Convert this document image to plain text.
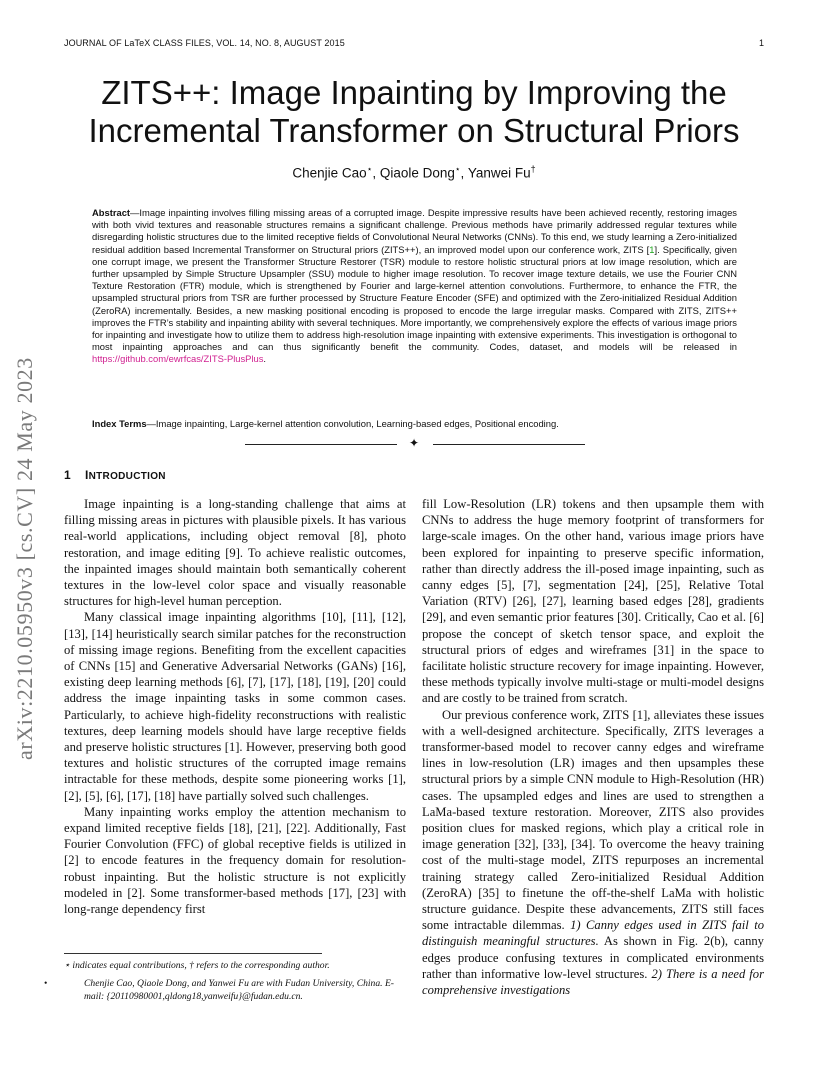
JOURNAL OF LaTeX CLASS FILES, VOL. 14, NO. 8, AUGUST 2015	1
ZITS++: Image Inpainting by Improving the
Incremental Transformer on Structural Priors
Chenjie Cao⋆, Qiaole Dong⋆, Yanwei Fu†
Abstract—Image inpainting involves filling missing areas of a corrupted image. Despite impressive results have been achieved recently, restoring images with both vivid textures and reasonable structures remains a significant challenge. Previous methods have primarily addressed regular textures while disregarding holistic structures due to the limited receptive fields of Convolutional Neural Networks (CNNs). To this end, we study learning a Zero-initialized residual addition based Incremental Transformer on Structural priors (ZITS++), an improved model upon our conference work, ZITS [1]. Specifically, given one corrupt image, we present the Transformer Structure Restorer (TSR) module to restore holistic structural priors at low image resolution, which are further upsampled by Simple Structure Upsampler (SSU) module to higher image resolution. To recover image texture details, we use the Fourier CNN Texture Restoration (FTR) module, which is strengthened by Fourier and large-kernel attention convolutions. Furthermore, to enhance the FTR, the upsampled structural priors from TSR are further processed by Structure Feature Encoder (SFE) and optimized with the Zero-initialized Residual Addition (ZeroRA) incrementally. Besides, a new masking positional encoding is proposed to encode the large irregular masks. Compared with ZITS, ZITS++ improves the FTR’s stability and inpainting ability with several techniques. More importantly, we comprehensively explore the effects of various image priors for inpainting and investigate how to utilize them to address high-resolution image inpainting with extensive experiments. This investigation is orthogonal to most inpainting approaches and can thus significantly benefit the community. Codes, dataset, and models will be released in https://github.com/ewrfcas/ZITS-PlusPlus.
Index Terms—Image inpainting, Large-kernel attention convolution, Learning-based edges, Positional encoding.
✦
arXiv:2210.05950v3 [cs.CV] 24 May 2023 1 INTRODUCTION

Image inpainting is a long-standing challenge that aims at filling missing areas in pictures with plausible pixels. It has various real-world applications, including object removal [8], photo restoration, and image editing [9]. To achieve realistic outcomes, the inpainted images should maintain both semantically coherent textures in the low-level color space and visually reasonable structures for high-level human perception.

Many classical image inpainting algorithms [10], [11], [12], [13], [14] heuristically search similar patches for the reconstruction of missing image regions. Benefiting from the excellent capacities of CNNs [15] and Generative Adversarial Networks (GANs) [16], existing deep learning methods [6], [7], [17], [18], [19], [20] could address the image inpainting tasks in some common cases. Particularly, to achieve high-fidelity reconstructions with realistic textures, deep learning models should have large receptive fields and preserve holistic structures [1]. However, preserving both good textures and holistic structures of the corrupted image remains intractable for these methods, despite some pioneering works [1], [2], [5], [6], [17], [18] have partially solved such challenges.

Many inpainting works employ the attention mechanism to expand limited receptive fields [18], [21], [22]. Additionally, Fast Fourier Convolution (FFC) of global receptive fields is utilized in [2] to encode features in the frequency domain for resolution-robust inpainting. But the holistic structure is not explicitly modeled in [2]. Some transformer-based methods [17], [23] with long-range dependency first

⋆ indicates equal contributions, † refers to the corresponding author.

•	Chenjie Cao, Qiaole Dong, and Yanwei Fu are with Fudan University, China. E-mail: {20110980001,qldong18,yanweifu}@fudan.edu.cn.

fill Low-Resolution (LR) tokens and then upsample them with CNNs to address the huge memory footprint of transformers for large-scale images. On the other hand, various image priors have been explored for inpainting to preserve specific information, rather than directly address the ill-posed image inpainting, such as canny edges [5], [7], segmentation [24], [25], Relative Total Variation (RTV) [26], [27], learning based edges [28], gradients [29], and even semantic prior features [30]. Critically, Cao et al. [6] propose the concept of sketch tensor space, and exploit the structural priors of edges and wireframes [31] in the space to facilitate holistic structure recovery for image inpainting. However, these methods typically involve multi-stage or multi-model designs and are costly to be trained from scratch.

Our previous conference work, ZITS [1], alleviates these issues with a well-designed architecture. Specifically, ZITS leverages a transformer-based model to recover canny edges and wireframe lines in low-resolution (LR) images and then upsamples these structural priors by a simple CNN module to High-Resolution (HR) cases. The upsampled edges and lines are used to strengthen a LaMa-based texture restoration. Moreover, ZITS also provides position clues for masked regions, which play a critical role in image generation [32], [33], [34]. To overcome the heavy training cost of the multi-stage model, ZITS repurposes an incremental training strategy called Zero-initialized Residual Addition (ZeroRA) [35] to finetune the off-the-shelf LaMa with holistic structure guidance. Despite these advancements, ZITS still faces some intractable dilemmas. 1) Canny edges used in ZITS fail to distinguish meaningful structures. As shown in Fig. 2(b), canny edges produce confusing textures in complicated environments rather than informative low-level structures. 2) There is a need for comprehensive investigations
